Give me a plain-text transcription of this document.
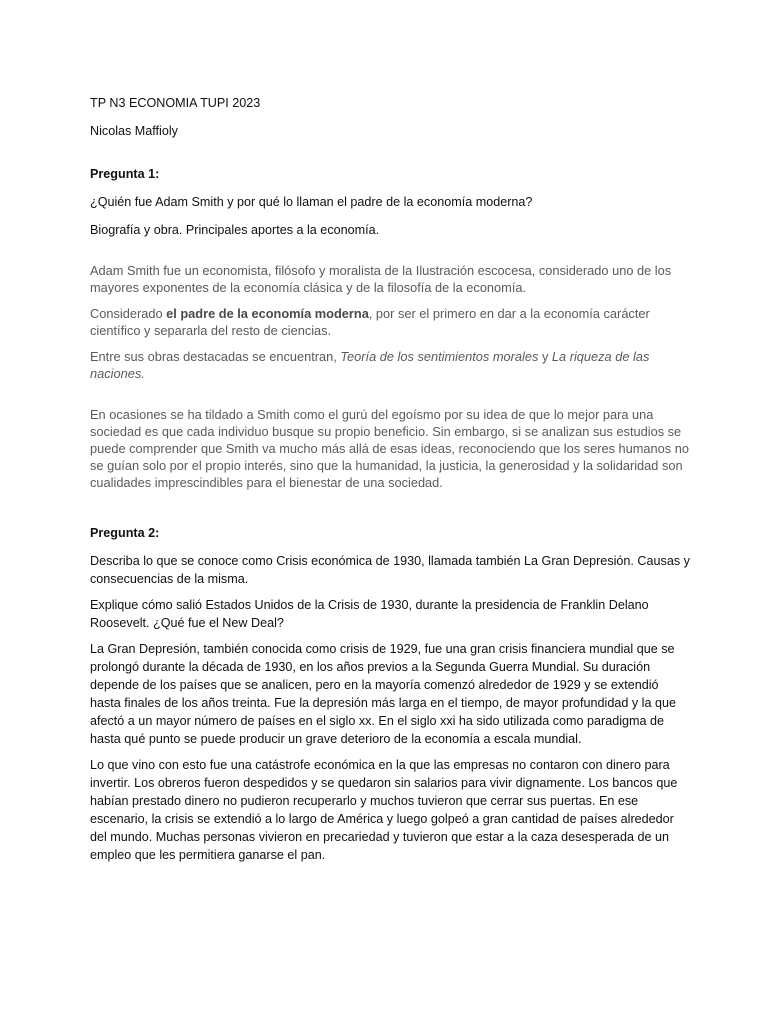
TP N3 ECONOMIA TUPI 2023

Nicolas Maffioly

Pregunta 1:

¿Quién fue Adam Smith y por qué lo llaman el padre de la economía moderna?

Biografía y obra. Principales aportes a la economía.

Adam Smith fue un economista, filósofo y moralista de la Ilustración escocesa, considerado uno de los mayores exponentes de la economía clásica y de la filosofía de la economía.

Considerado el padre de la economía moderna, por ser el primero en dar a la economía carácter científico y separarla del resto de ciencias.

Entre sus obras destacadas se encuentran, Teoría de los sentimientos morales y La riqueza de las naciones.

En ocasiones se ha tildado a Smith como el gurú del egoísmo por su idea de que lo mejor para una sociedad es que cada individuo busque su propio beneficio. Sin embargo, si se analizan sus estudios se puede comprender que Smith va mucho más allá de esas ideas, reconociendo que los seres humanos no se guían solo por el propio interés, sino que la humanidad, la justicia, la generosidad y la solidaridad son cualidades imprescindibles para el bienestar de una sociedad.

Pregunta 2:

Describa lo que se conoce como Crisis económica de 1930, llamada también La Gran Depresión. Causas y consecuencias de la misma.

Explique cómo salió Estados Unidos de la Crisis de 1930, durante la presidencia de Franklin Delano Roosevelt. ¿Qué fue el New Deal?

La Gran Depresión, también conocida como crisis de 1929, fue una gran crisis financiera mundial que se prolongó durante la década de 1930, en los años previos a la Segunda Guerra Mundial. Su duración depende de los países que se analicen, pero en la mayoría comenzó alrededor de 1929 y se extendió hasta finales de los años treinta. Fue la depresión más larga en el tiempo, de mayor profundidad y la que afectó a un mayor número de países en el siglo xx. En el siglo xxi ha sido utilizada como paradigma de hasta qué punto se puede producir un grave deterioro de la economía a escala mundial.

Lo que vino con esto fue una catástrofe económica en la que las empresas no contaron con dinero para invertir. Los obreros fueron despedidos y se quedaron sin salarios para vivir dignamente. Los bancos que habían prestado dinero no pudieron recuperarlo y muchos tuvieron que cerrar sus puertas. En ese escenario, la crisis se extendió a lo largo de América y luego golpeó a gran cantidad de países alrededor del mundo. Muchas personas vivieron en precariedad y tuvieron que estar a la caza desesperada de un empleo que les permitiera ganarse el pan.
